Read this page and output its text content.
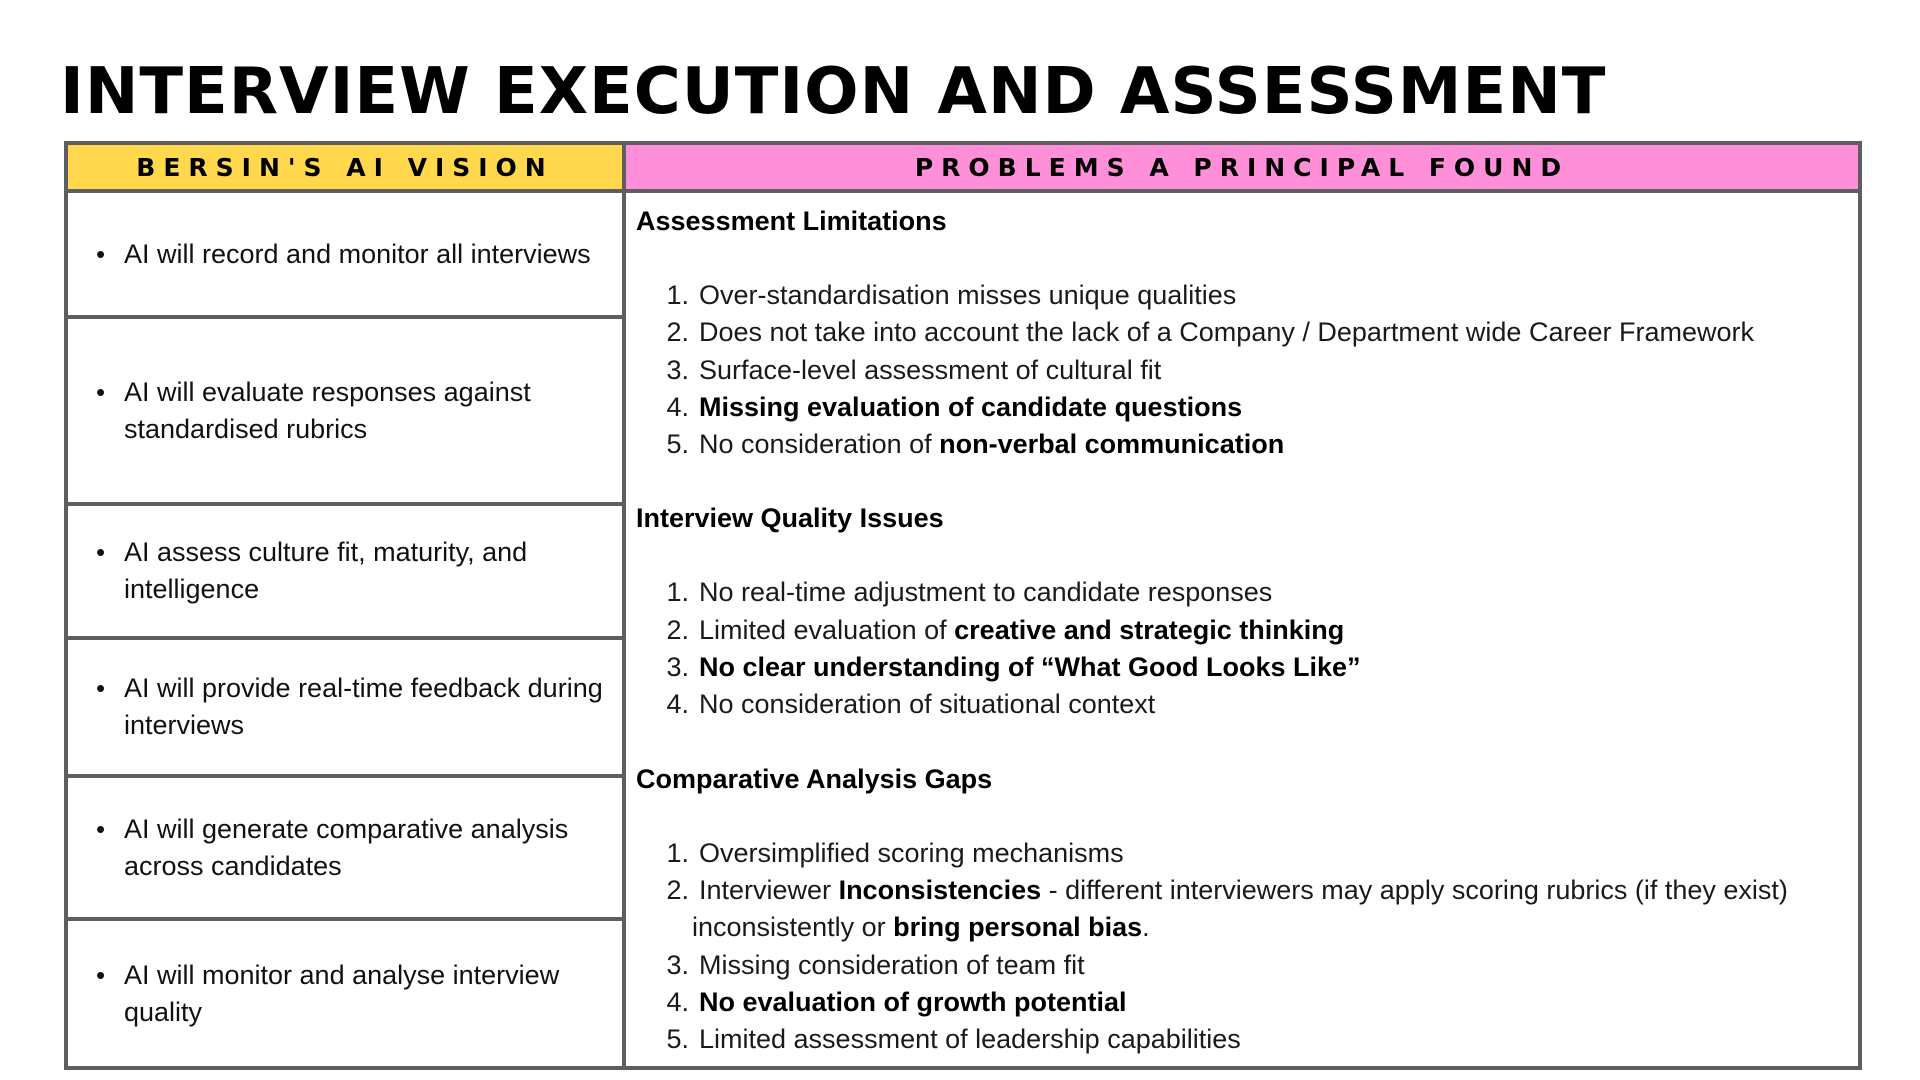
INTERVIEW EXECUTION AND ASSESSMENT
BERSIN'S AI VISION
• AI will record and monitor all interviews
• AI will evaluate responses against standardised rubrics
• AI assess culture fit, maturity, and intelligence
• AI will provide real-time feedback during interviews
• AI will generate comparative analysis across candidates
• AI will monitor and analyse interview quality
PROBLEMS A PRINCIPAL FOUND
Assessment Limitations
1. Over-standardisation misses unique qualities
2. Does not take into account the lack of a Company / Department wide Career Framework
3. Surface-level assessment of cultural fit
4. Missing evaluation of candidate questions
5. No consideration of non-verbal communication
Interview Quality Issues
1. No real-time adjustment to candidate responses
2. Limited evaluation of creative and strategic thinking
3. No clear understanding of “What Good Looks Like”
4. No consideration of situational context
Comparative Analysis Gaps
1. Oversimplified scoring mechanisms
2. Interviewer Inconsistencies - different interviewers may apply scoring rubrics (if they exist)
inconsistently or bring personal bias.
3. Missing consideration of team fit
4. No evaluation of growth potential
5. Limited assessment of leadership capabilities
